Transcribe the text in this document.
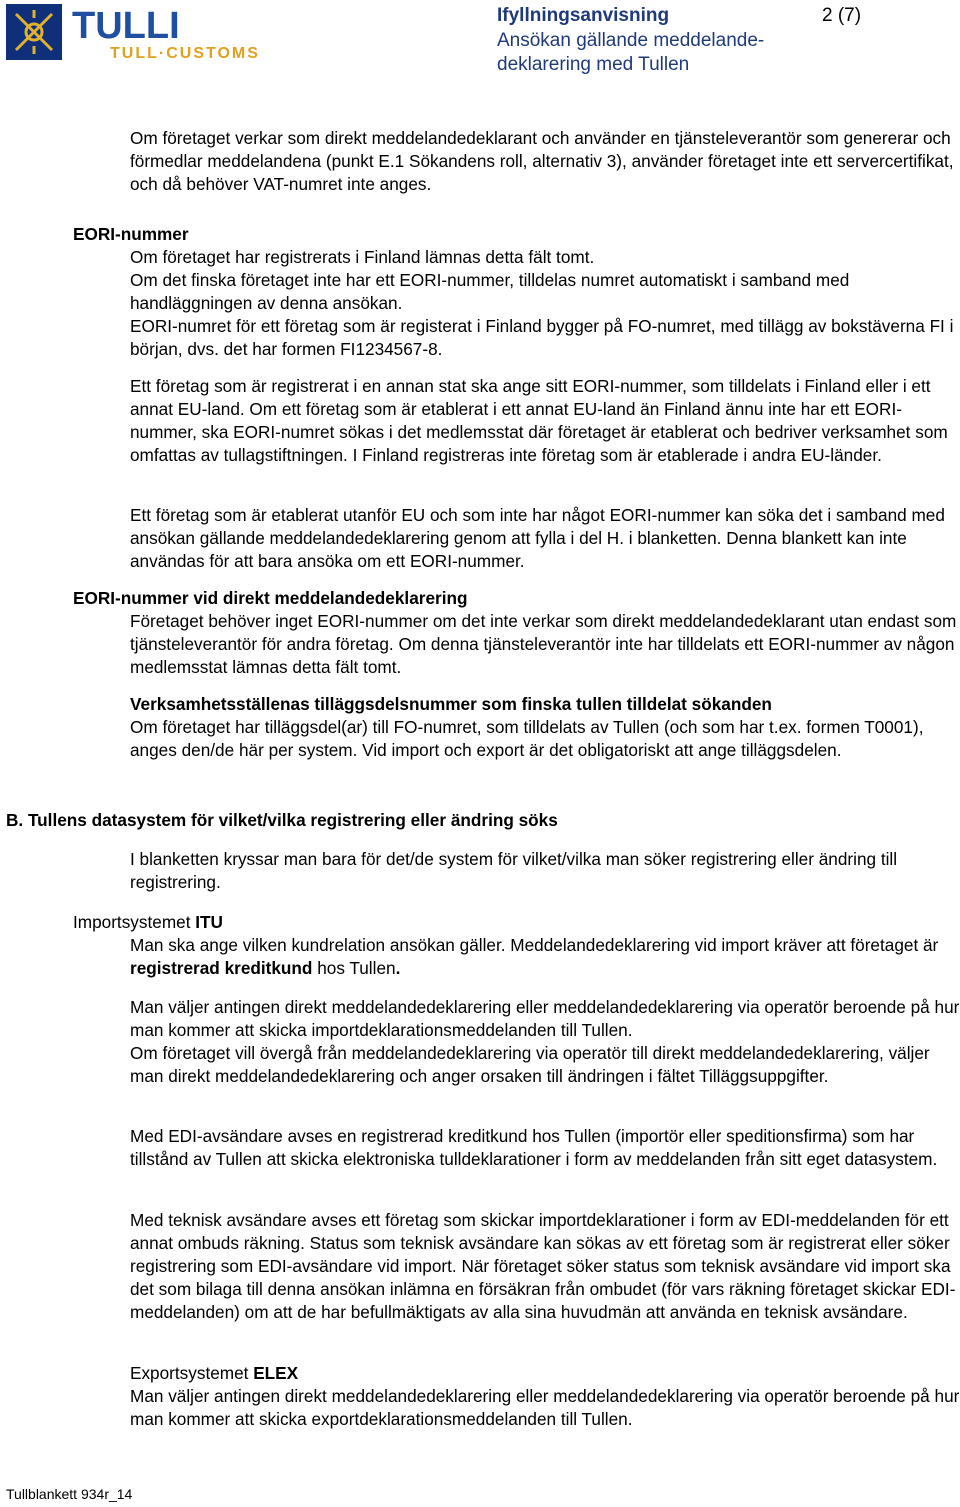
TULLI
TULL·CUSTOMS
Ifyllningsanvisning
Ansökan gällande meddelande-deklarering med Tullen
2 (7)

Om företaget verkar som direkt meddelandedeklarant och använder en tjänsteleverantör som genererar och förmedlar meddelandena (punkt E.1 Sökandens roll, alternativ 3), använder företaget inte ett servercertifikat, och då behöver VAT-numret inte anges.

EORI-nummer

Om företaget har registrerats i Finland lämnas detta fält tomt.

Om det finska företaget inte har ett EORI-nummer, tilldelas numret automatiskt i samband med handläggningen av denna ansökan.

EORI-numret för ett företag som är registerat i Finland bygger på FO-numret, med tillägg av bokstäverna FI i början, dvs. det har formen FI1234567-8.

Ett företag som är registrerat i en annan stat ska ange sitt EORI-nummer, som tilldelats i Finland eller i ett annat EU-land. Om ett företag som är etablerat i ett annat EU-land än Finland ännu inte har ett EORI-nummer, ska EORI-numret sökas i det medlemsstat där företaget är etablerat och bedriver verksamhet som omfattas av tullagstiftningen. I Finland registreras inte företag som är etablerade i andra EU-länder.

Ett företag som är etablerat utanför EU och som inte har något EORI-nummer kan söka det i samband med ansökan gällande meddelandedeklarering genom att fylla i del H. i blanketten. Denna blankett kan inte användas för att bara ansöka om ett EORI-nummer.

EORI-nummer vid direkt meddelandedeklarering

Företaget behöver inget EORI-nummer om det inte verkar som direkt meddelandedeklarant utan endast som tjänsteleverantör för andra företag. Om denna tjänsteleverantör inte har tilldelats ett EORI-nummer av någon medlemsstat lämnas detta fält tomt.

Verksamhetsställenas tilläggsdelsnummer som finska tullen tilldelat sökanden

Om företaget har tilläggsdel(ar) till FO-numret, som tilldelats av Tullen (och som har t.ex. formen T0001), anges den/de här per system. Vid import och export är det obligatoriskt att ange tilläggsdelen.

B. Tullens datasystem för vilket/vilka registrering eller ändring söks

I blanketten kryssar man bara för det/de system för vilket/vilka man söker registrering eller ändring till registrering.

Importsystemet ITU

Man ska ange vilken kundrelation ansökan gäller. Meddelandedeklarering vid import kräver att företaget är registrerad kreditkund hos Tullen.

Man väljer antingen direkt meddelandedeklarering eller meddelandedeklarering via operatör beroende på hur man kommer att skicka importdeklarationsmeddelanden till Tullen.

Om företaget vill övergå från meddelandedeklarering via operatör till direkt meddelandedeklarering, väljer man direkt meddelandedeklarering och anger orsaken till ändringen i fältet Tilläggsuppgifter.

Med EDI-avsändare avses en registrerad kreditkund hos Tullen (importör eller speditionsfirma) som har tillstånd av Tullen att skicka elektroniska tulldeklarationer i form av meddelanden från sitt eget datasystem.

Med teknisk avsändare avses ett företag som skickar importdeklarationer i form av EDI-meddelanden för ett annat ombuds räkning. Status som teknisk avsändare kan sökas av ett företag som är registrerat eller söker registrering som EDI-avsändare vid import. När företaget söker status som teknisk avsändare vid import ska det som bilaga till denna ansökan inlämna en försäkran från ombudet (för vars räkning företaget skickar EDI-meddelanden) om att de har befullmäktigats av alla sina huvudmän att använda en teknisk avsändare.

Exportsystemet ELEX

Man väljer antingen direkt meddelandedeklarering eller meddelandedeklarering via operatör beroende på hur man kommer att skicka exportdeklarationsmeddelanden till Tullen.

Tullblankett 934r_14
